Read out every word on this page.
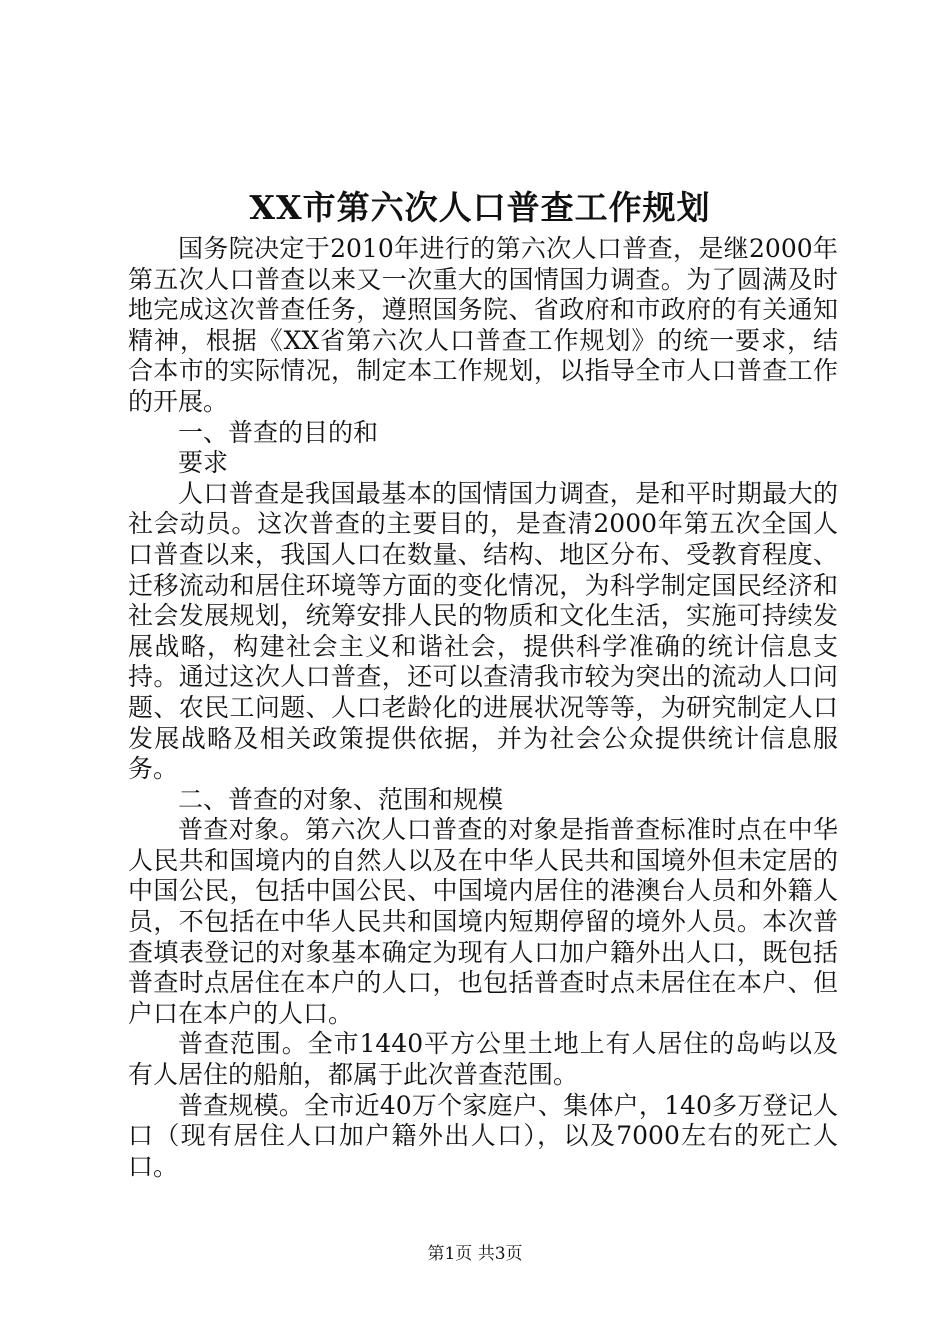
XX市第六次人口普查工作规划

国务院决定于2010年进行的第六次人口普查，是继2000年第五次人口普查以来又一次重大的国情国力调查。为了圆满及时地完成这次普查任务，遵照国务院、省政府和市政府的有关通知精神，根据《XX省第六次人口普查工作规划》的统一要求，结合本市的实际情况，制定本工作规划，以指导全市人口普查工作的开展。

一、普查的目的和

要求

人口普查是我国最基本的国情国力调查，是和平时期最大的社会动员。这次普查的主要目的，是查清2000年第五次全国人口普查以来，我国人口在数量、结构、地区分布、受教育程度、迁移流动和居住环境等方面的变化情况，为科学制定国民经济和社会发展规划，统筹安排人民的物质和文化生活，实施可持续发展战略，构建社会主义和谐社会，提供科学准确的统计信息支持。通过这次人口普查，还可以查清我市较为突出的流动人口问题、农民工问题、人口老龄化的进展状况等等，为研究制定人口发展战略及相关政策提供依据，并为社会公众提供统计信息服务。

二、普查的对象、范围和规模

普查对象。第六次人口普查的对象是指普查标准时点在中华人民共和国境内的自然人以及在中华人民共和国境外但未定居的中国公民，包括中国公民、中国境内居住的港澳台人员和外籍人员，不包括在中华人民共和国境内短期停留的境外人员。本次普查填表登记的对象基本确定为现有人口加户籍外出人口，既包括普查时点居住在本户的人口，也包括普查时点未居住在本户、但户口在本户的人口。

普查范围。全市1440平方公里土地上有人居住的岛屿以及有人居住的船舶，都属于此次普查范围。

普查规模。全市近40万个家庭户、集体户，140多万登记人口（现有居住人口加户籍外出人口），以及7000左右的死亡人口。

第1页 共3页
